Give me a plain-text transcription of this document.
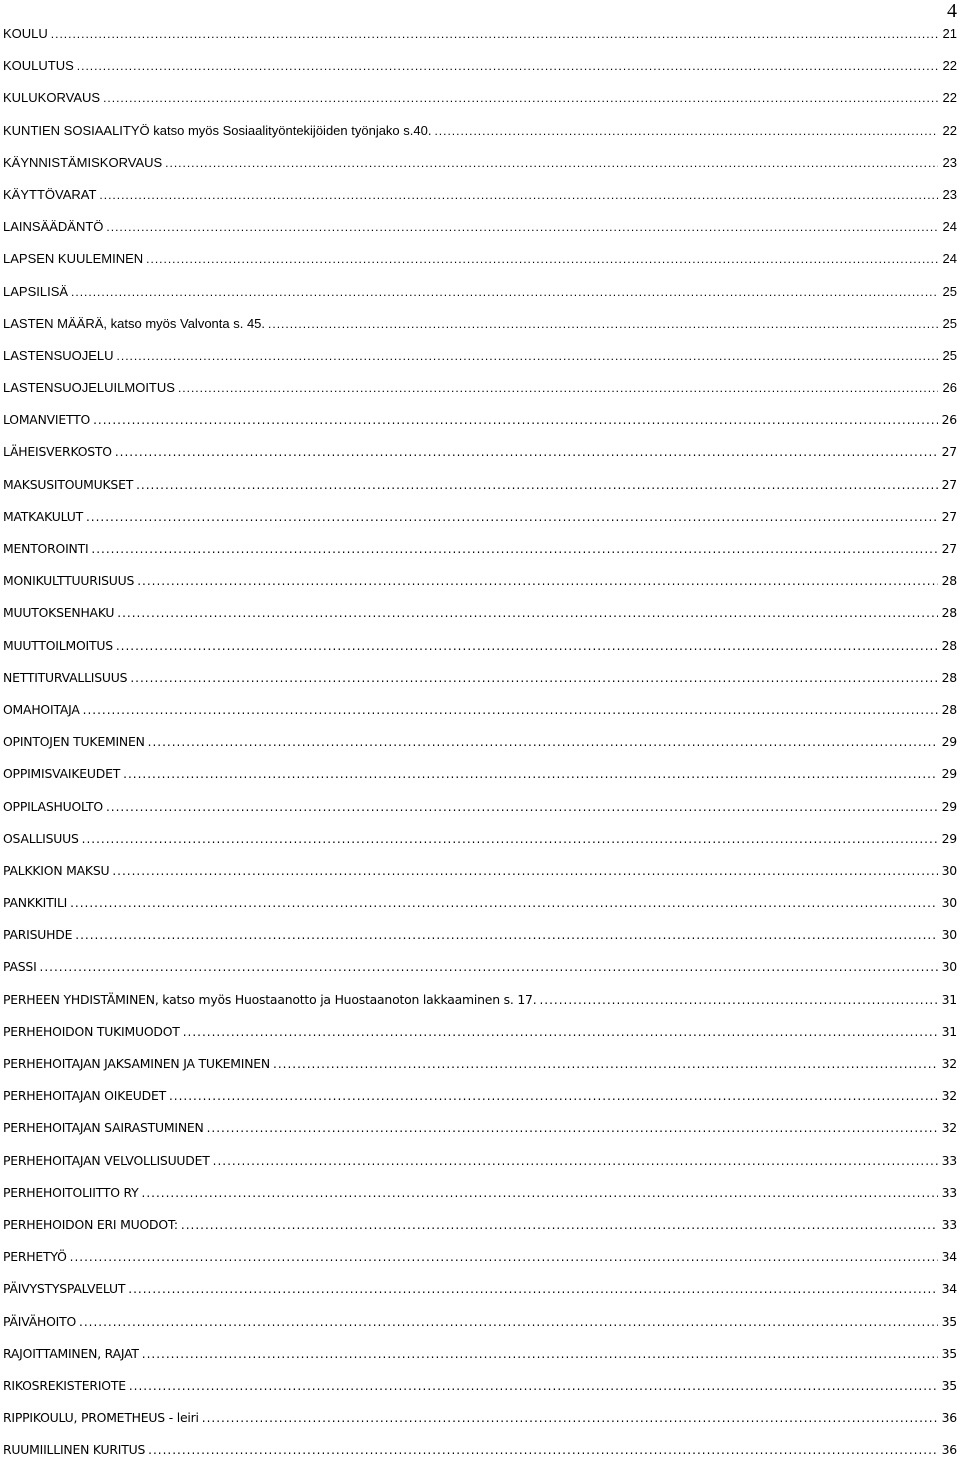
4
KOULU .....	21
KOULUTUS .....	22
KULUKORVAUS .....	22
KUNTIEN SOSIAALITYÖ katso myös Sosiaalityöntekijöiden työnjako s.40. .....	22
KÄYNNISTÄMISKORVAUS .....	23
KÄYTTÖVARAT .....	23
LAINSÄÄDÄNTÖ .....	24
LAPSEN KUULEMINEN .....	24
LAPSILISÄ .....	25
LASTEN MÄÄRÄ, katso myös Valvonta s. 45. .....	25
LASTENSUOJELU .....	25
LASTENSUOJELUILMOITUS .....	26
LOMANVIETTO .....	26
LÄHEISVERKOSTO .....	27
MAKSUSITOUMUKSET .....	27
MATKAKULUT .....	27
MENTOROINTI .....	27
MONIKULTTUURISUUS .....	28
MUUTOKSENHAKU .....	28
MUUTTOILMOITUS .....	28
NETTITURVALLISUUS .....	28
OMAHOITAJA .....	28
OPINTOJEN TUKEMINEN .....	29
OPPIMISVAIKEUDET .....	29
OPPILASHUOLTO .....	29
OSALLISUUS .....	29
PALKKION MAKSU .....	30
PANKKITILI .....	30
PARISUHDE .....	30
PASSI .....	30
PERHEEN YHDISTÄMINEN, katso myös Huostaanotto ja Huostaanoton lakkaaminen s. 17. .....	31
PERHEHOIDON TUKIMUODOT .....	31
PERHEHOITAJAN JAKSAMINEN JA TUKEMINEN .....	32
PERHEHOITAJAN OIKEUDET .....	32
PERHEHOITAJAN SAIRASTUMINEN .....	32
PERHEHOITAJAN VELVOLLISUUDET .....	33
PERHEHOITOLIITTO RY .....	33
PERHEHOIDON ERI MUODOT: .....	33
PERHETYÖ .....	34
PÄIVYSTYSPALVELUT .....	34
PÄIVÄHOITO .....	35
RAJOITTAMINEN, RAJAT .....	35
RIKOSREKISTERIOTE .....	35
RIPPIKOULU, PROMETHEUS - leiri .....	36
RUUMIILLINEN KURITUS .....	36
